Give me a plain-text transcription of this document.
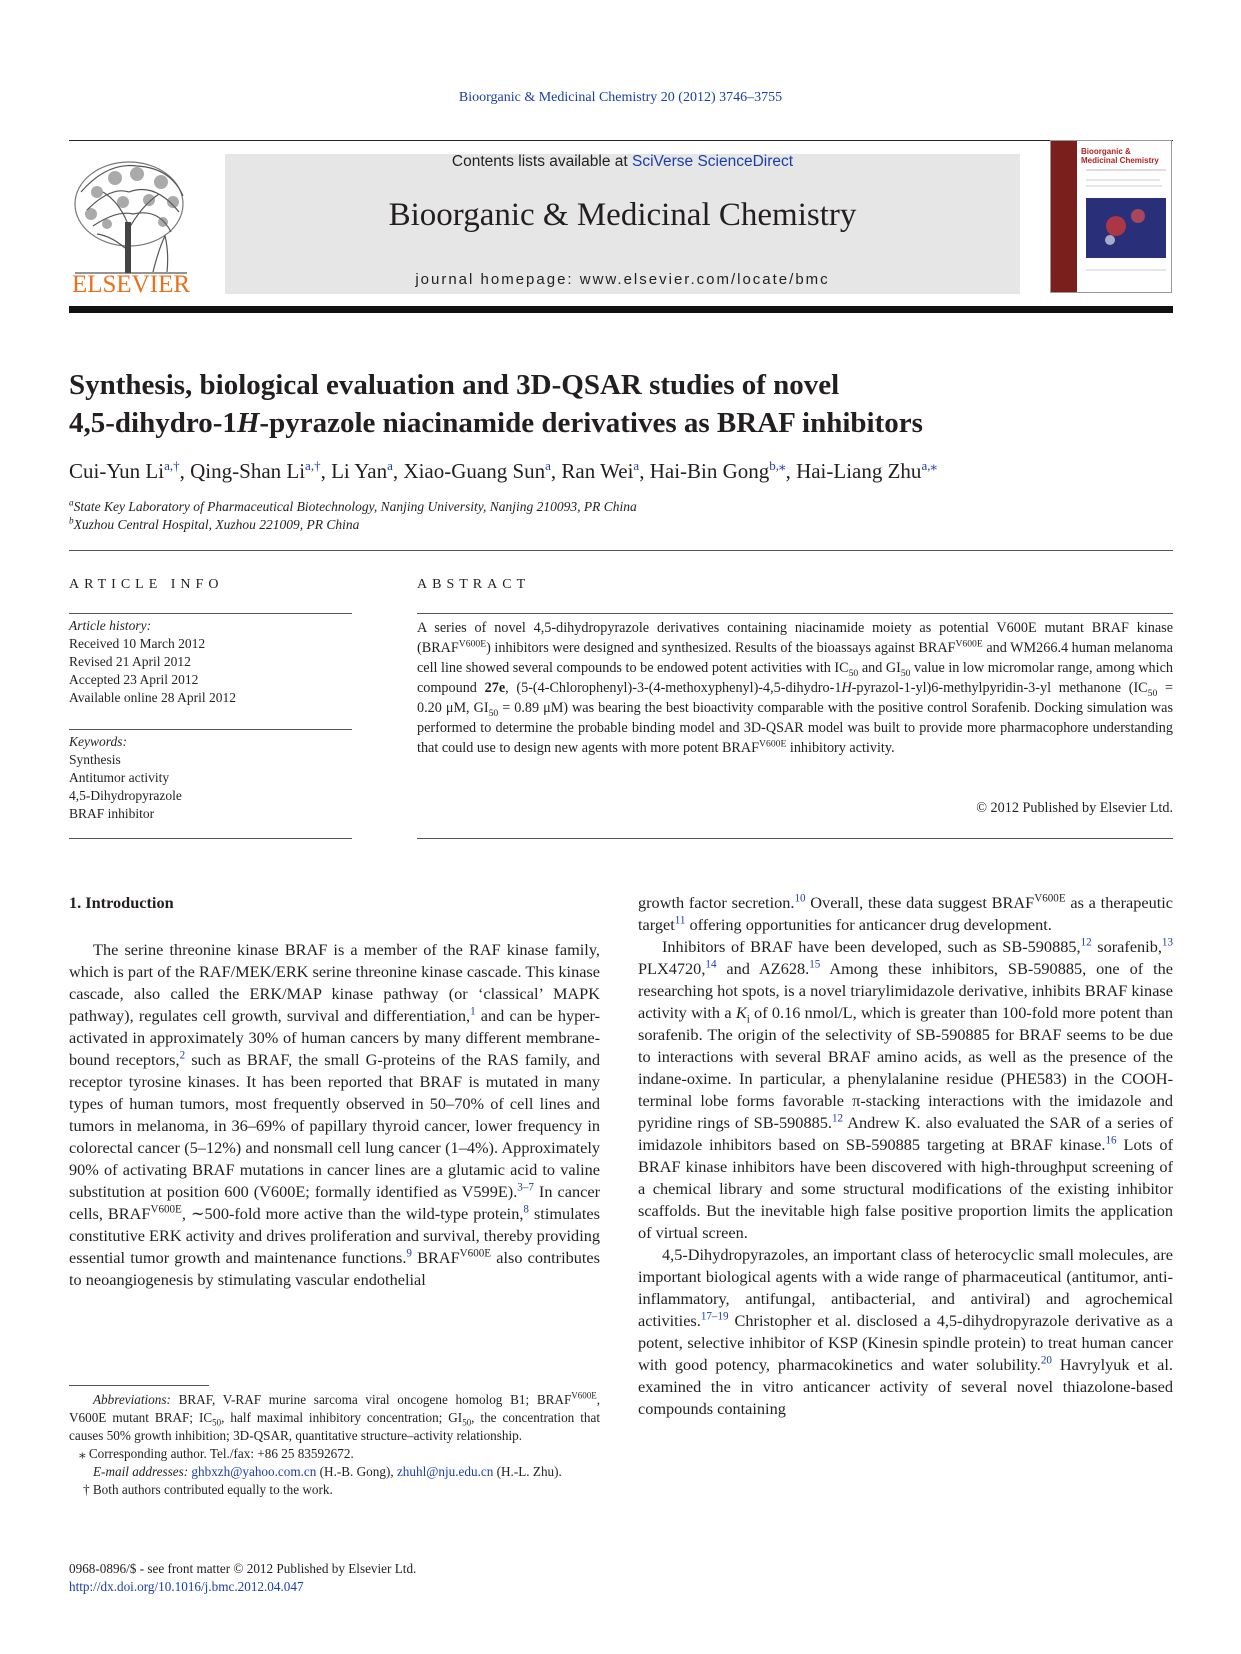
Bioorganic & Medicinal Chemistry 20 (2012) 3746–3755
ELSEVIER
Contents lists available at SciVerse ScienceDirect
Bioorganic & Medicinal Chemistry
journal homepage: www.elsevier.com/locate/bmc
Bioorganic & Medicinal Chemistry
Synthesis, biological evaluation and 3D-QSAR studies of novel
4,5-dihydro-1H-pyrazole niacinamide derivatives as BRAF inhibitors
Cui-Yun $Li^{a,\dagger}$, Qing-Shan $Li^{a,\dagger}$, Li Yan$^a$, Xiao-Guang Sun$^a$, Ran Wei$^a$, Hai-Bin Gong$^{b,⁎}$, Hai-Liang Zhu$^{a,⁎}$
$^a$State Key Laboratory of Pharmaceutical Biotechnology, Nanjing University, Nanjing 210093, PR China
$^b$Xuzhou Central Hospital, Xuzhou 221009, PR China
ARTICLE INFO
Article history:
Received 10 March 2012
Revised 21 April 2012
Accepted 23 April 2012
Available online 28 April 2012
Keywords:
Synthesis
Antitumor activity
4,5-Dihydropyrazole
BRAF inhibitor
ABSTRACT
A series of novel 4,5-dihydropyrazole derivatives containing niacinamide moiety as potential V600E mutant BRAF kinase $(BRAF^{V600E})$ inhibitors were designed and synthesized. Results of the bioassays against $BRAF^{V600E}$ and WM266.4 human melanoma cell line showed several compounds to be endowed potent activities with $IC_{50}$ and $GI_{50}$ value in low micromolar range, among which compound 27e, (5-(4-Chlorophenyl)-3-(4-methoxyphenyl)-4,5-dihydro-1H-pyrazol-1-yl)6-methylpyridin-3-yl methanone ($IC_{50} = 0.20$ μM, $GI_{50} = 0.89$ μM) was bearing the best bioactivity comparable with the positive control Sorafenib. Docking simulation was performed to determine the probable binding model and 3D-QSAR model was built to provide more pharmacophore understanding that could use to design new agents with more potent $BRAF^{V600E}$ inhibitory activity.
© 2012 Published by Elsevier Ltd.
1. Introduction

The serine threonine kinase BRAF is a member of the RAF kinase family, which is part of the RAF/MEK/ERK serine threonine kinase cascade. This kinase cascade, also called the ERK/MAP kinase pathway (or ‘classical’ MAPK pathway), regulates cell growth, survival and differentiation,$^1$ and can be hyper-activated in approximately 30% of human cancers by many different membrane-bound receptors,$^2$ such as BRAF, the small G-proteins of the RAS family, and receptor tyrosine kinases. It has been reported that BRAF is mutated in many types of human tumors, most frequently observed in 50–70% of cell lines and tumors in melanoma, in 36–69% of papillary thyroid cancer, lower frequency in colorectal cancer (5–12%) and nonsmall cell lung cancer (1–4%). Approximately 90% of activating BRAF mutations in cancer lines are a glutamic acid to valine substitution at position 600 (V600E; formally identified as V599E).$^{3-7}$ In cancer cells, $BRAF^{V600E}$, ∼500-fold more active than the wild-type protein,$^8$ stimulates constitutive ERK activity and drives proliferation and survival, thereby providing essential tumor growth and maintenance functions.$^9$ $BRAF^{V600E}$ also contributes to neoangiogenesis by stimulating vascular endothelial

growth factor secretion.$^{10}$ Overall, these data suggest $BRAF^{V600E}$ as a therapeutic target$^{11}$ offering opportunities for anticancer drug development.

Inhibitors of BRAF have been developed, such as SB-590885,12 sorafenib,$^{13}$ PLX4720,14 and AZ628.15 Among these inhibitors, SB-590885, one of the researching hot spots, is a novel triarylimidazole derivative, inhibits BRAF kinase activity with a $K_i$ of 0.16 nmol/L, which is greater than 100-fold more potent than sorafenib. The origin of the selectivity of SB-590885 for BRAF seems to be due to interactions with several BRAF amino acids, as well as the presence of the indane-oxime. In particular, a phenylalanine residue (PHE583) in the COOH-terminal lobe forms favorable π-stacking interactions with the imidazole and pyridine rings of SB-590885.12 Andrew K. also evaluated the SAR of a series of imidazole inhibitors based on SB-590885 targeting at BRAF kinase.$^{16}$ Lots of BRAF kinase inhibitors have been discovered with high-throughput screening of a chemical library and some structural modifications of the existing inhibitor scaffolds. But the inevitable high false positive proportion limits the application of virtual screen.

4,5-Dihydropyrazoles, an important class of heterocyclic small molecules, are important biological agents with a wide range of pharmaceutical (antitumor, anti-inflammatory, antifungal, antibacterial, and antiviral) and agrochemical activities.$^{17-19}$ Christopher et al. disclosed a 4,5-dihydropyrazole derivative as a potent, selective inhibitor of KSP (Kinesin spindle protein) to treat human cancer with good potency, pharmacokinetics and water solubility.$^{20}$ Havrylyuk et al. examined the in vitro anticancer activity of several novel thiazolone-based compounds containing

Abbreviations: BRAF, V-RAF murine sarcoma viral oncogene homolog B1; $BRAF^{V600E}$, V600E mutant BRAF; $IC_{50}$, half maximal inhibitory concentration; $GI_{50}$, the concentration that causes 50% growth inhibition; 3D-QSAR, quantitative structure–activity relationship.

⁎ Corresponding author. Tel./fax: +86 25 83592672.

E-mail addresses: ghbxzh@yahoo.com.cn (H.-B. Gong), zhuhl@nju.edu.cn (H.-L. Zhu).

† Both authors contributed equally to the work.

0968-0896/$ - see front matter © 2012 Published by Elsevier Ltd.
http://dx.doi.org/10.1016/j.bmc.2012.04.047
